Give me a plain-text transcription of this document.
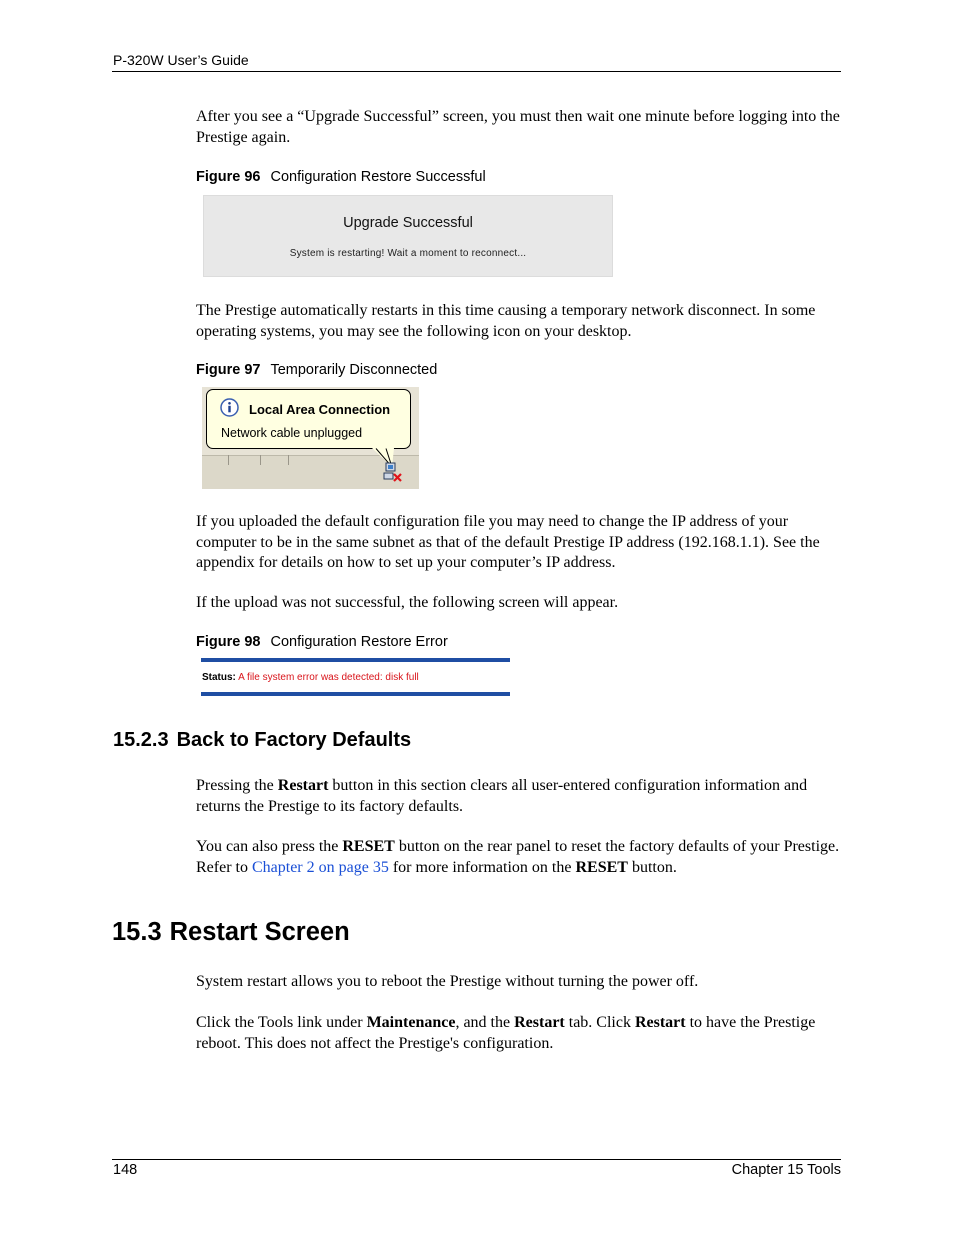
P-320W User’s Guide
After you see a “Upgrade Successful” screen, you must then wait one minute before logging into the Prestige again.
Figure 96 Configuration Restore Successful
Upgrade Successful
System is restarting! Wait a moment to reconnect...
The Prestige automatically restarts in this time causing a temporary network disconnect. In some operating systems, you may see the following icon on your desktop.
Figure 97 Temporarily Disconnected
Local Area Connection
Network cable unplugged
If you uploaded the default configuration file you may need to change the IP address of your computer to be in the same subnet as that of the default Prestige IP address (192.168.1.1). See the appendix for details on how to set up your computer’s IP address.
If the upload was not successful, the following screen will appear.
Figure 98 Configuration Restore Error
Status: A file system error was detected: disk full
15.2.3 Back to Factory Defaults
Pressing the Restart button in this section clears all user-entered configuration information and returns the Prestige to its factory defaults.
You can also press the RESET button on the rear panel to reset the factory defaults of your Prestige. Refer to Chapter 2 on page 35 for more information on the RESET button.
15.3 Restart Screen
System restart allows you to reboot the Prestige without turning the power off.
Click the Tools link under Maintenance, and the Restart tab. Click Restart to have the Prestige reboot. This does not affect the Prestige's configuration.
148	Chapter 15 Tools
